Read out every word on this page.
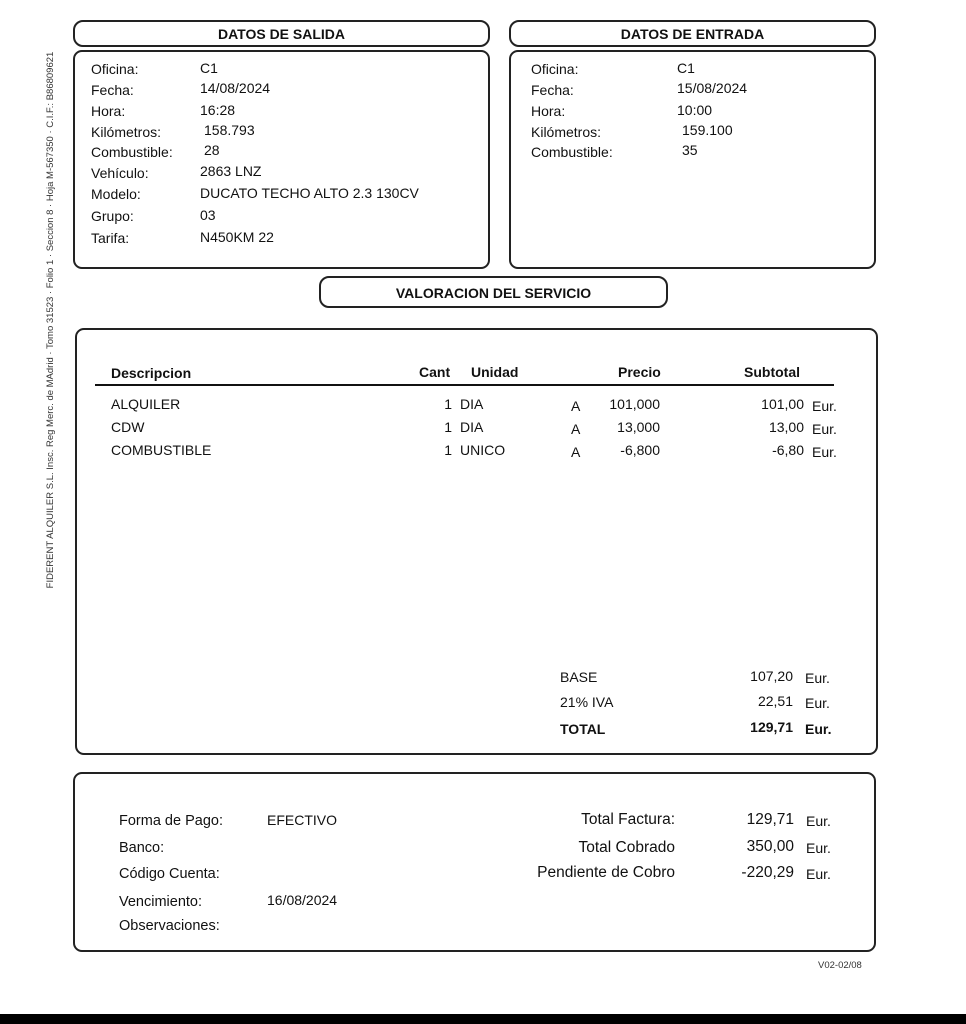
FIDERENT ALQUILER S.L. Insc. Reg Merc. de MAdrid · Tomo 31523 · Folio 1 · Seccion 8 · Hoja M-567350 · C.I.F.: B86809621
DATOS DE SALIDA
Oficina:	C1
Fecha:	14/08/2024
Hora:	16:28
Kilómetros:	158.793
Combustible: 28
Vehículo:	2863 LNZ
Modelo:	DUCATO TECHO ALTO 2.3 130CV
Grupo:	03
Tarifa:	N450KM 22
DATOS DE ENTRADA
Oficina:	C1
Fecha:	15/08/2024
Hora:	10:00
Kilómetros:	159.100
Combustible:	35
VALORACION DEL SERVICIO
Descripcion	Cant Unidad	Precio	Subtotal
ALQUILER	1 DIA	A	101,000	101,00 Eur.
CDW	1 DIA	A	13,000	13,00 Eur.
COMBUSTIBLE	1 UNICO	A	-6,800	-6,80 Eur.
BASE	107,20 Eur.
21% IVA	22,51 Eur.
TOTAL	129,71 Eur.
Forma de Pago:	EFECTIVO
Banco:
Código Cuenta:
Vencimiento:	16/08/2024
Observaciones:
Total Factura:	129,71 Eur.
Total Cobrado	350,00 Eur.
Pendiente de Cobro	-220,29 Eur.
V02-02/08
